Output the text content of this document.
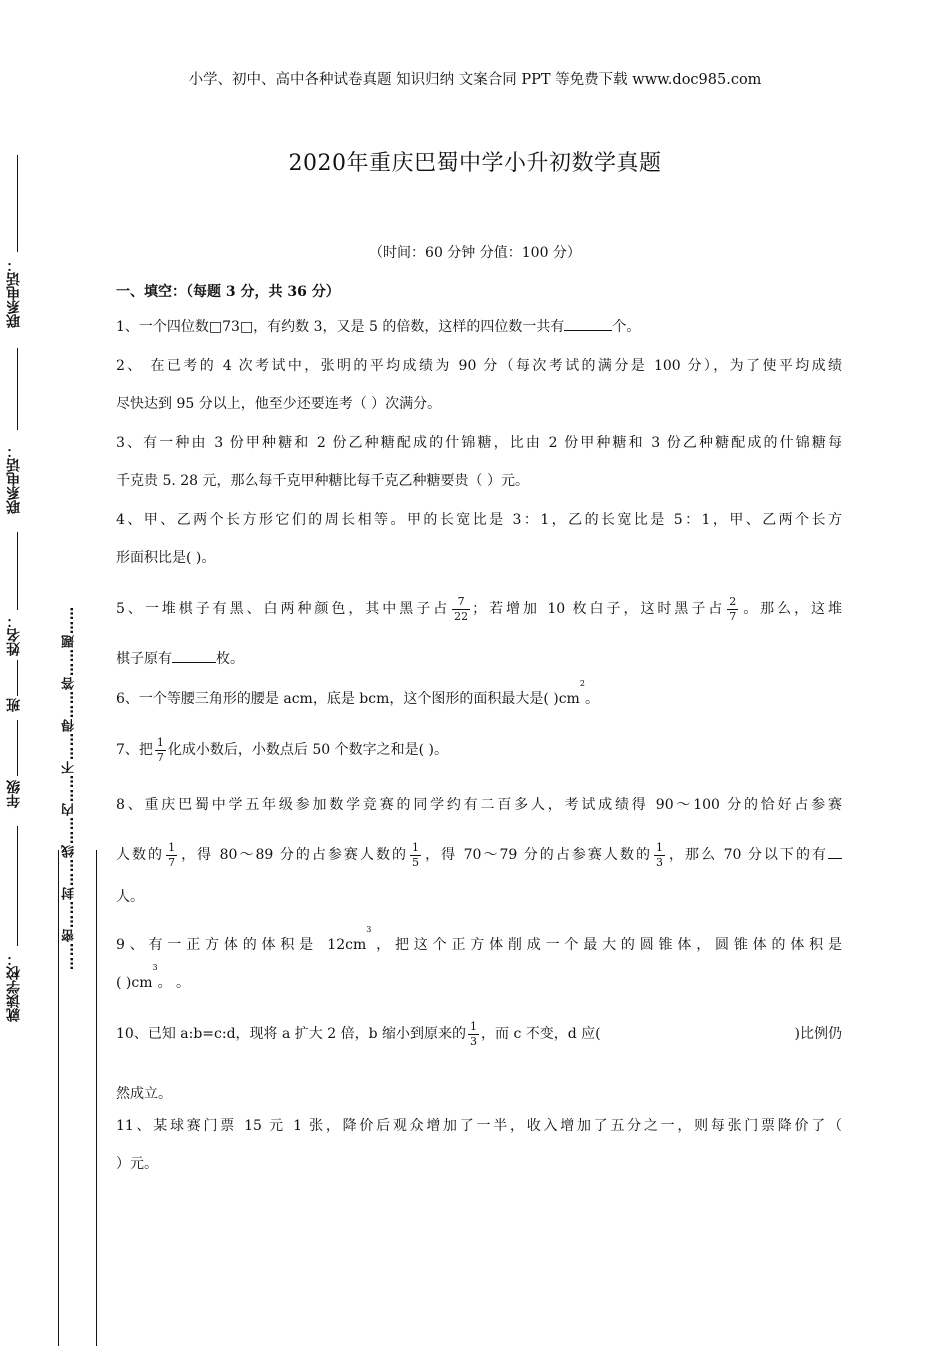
小学、初中、高中各种试卷真题 知识归纳 文案合同 PPT 等免费下载 www.doc985.com
2020年重庆巴蜀中学小升初数学真题
（时间：60 分钟 分值：100 分）
一、填空：（每题 3 分，共 36 分）
联系电话：
联系电话：
姓名：
班
年级
就读学校：
……密……封……线……内……不……得……答……题……
1、一个四位数□73□，有约数 3，又是 5 的倍数，这样的四位数一共有	个。
2、 在已考的 4 次考试中，张明的平均成绩为 90 分（每次考试的满分是 100 分），为了使平均成绩
尽快达到 95 分以上，他至少还要连考（ ）次满分。
3、有一种由 3 份甲种糖和 2 份乙种糖配成的什锦糖，比由 2 份甲种糖和 3 份乙种糖配成的什锦糖每
千克贵 5. 28 元，那么每千克甲种糖比每千克乙种糖要贵（ ）元。
4、甲、乙两个长方形它们的周长相等。甲的长宽比是 3：1，乙的长宽比是 5：1，甲、乙两个长方
形面积比是( )。
5、一堆棋子有黑、白两种颜色，其中黑子占 $\frac{7}{22}$ ；若增加 10 枚白子，这时黑子占 $\frac{2}{7}$ 。那么，这堆
棋子原有	枚。
6、一个等腰三角形的腰是 acm，底是 bcm，这个图形的面积最大是( )$cm^2$。
7、把 $\frac{1}{7}$ 化成小数后，小数点后 50 个数字之和是( )。
8、重庆巴蜀中学五年级参加数学竞赛的同学约有二百多人，考试成绩得 90～100 分的恰好占参赛
人数的 $\frac{1}{7}$ ，得 80～89 分的占参赛人数的 $\frac{1}{5}$ ，得 70～79 分的占参赛人数的 $\frac{1}{3}$ ，那么 70 分以下的有
人。
9、有一正方体的体积是 $12cm^3$，把这个正方体削成一个最大的圆锥体，圆锥体的体积是
( )$cm^3$。 。
10、已知 a:b=c:d，现将 a 扩大 2 倍，b 缩小到原来的 $\frac{1}{3}$ ，而 c 不变，d 应(	)比例仍
然成立。
11、某球赛门票 15 元 1 张，降价后观众增加了一半，收入增加了五分之一，则每张门票降价了（
）元。
